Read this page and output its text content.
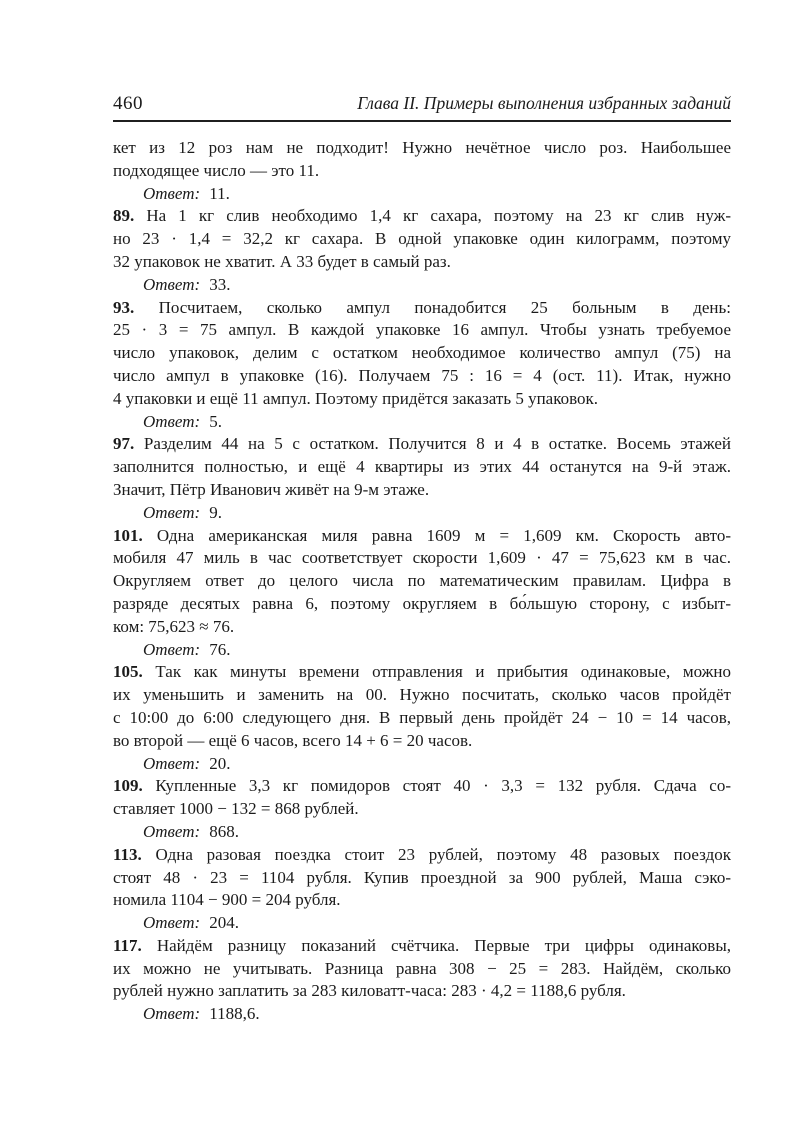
460	Глава II. Примеры выполнения избранных заданий
кет из 12 роз нам не подходит! Нужно нечётное число роз. Наибольшее
подходящее число — это 11.
Ответ: 11.
89. На 1 кг слив необходимо 1,4 кг сахара, поэтому на 23 кг слив нуж-
но 23 · 1,4 = 32,2 кг сахара. В одной упаковке один килограмм, поэтому
32 упаковок не хватит. А 33 будет в самый раз.
Ответ: 33.
93. Посчитаем, сколько ампул понадобится 25 больным в день:
25 · 3 = 75 ампул. В каждой упаковке 16 ампул. Чтобы узнать требуемое
число упаковок, делим с остатком необходимое количество ампул (75) на
число ампул в упаковке (16). Получаем 75 : 16 = 4 (ост. 11). Итак, нужно
4 упаковки и ещё 11 ампул. Поэтому придётся заказать 5 упаковок.
Ответ: 5.
97. Разделим 44 на 5 с остатком. Получится 8 и 4 в остатке. Восемь этажей
заполнится полностью, и ещё 4 квартиры из этих 44 останутся на 9-й этаж.
Значит, Пётр Иванович живёт на 9-м этаже.
Ответ: 9.
101. Одна американская миля равна 1609 м = 1,609 км. Скорость авто-
мобиля 47 миль в час соответствует скорости 1,609 · 47 = 75,623 км в час.
Округляем ответ до целого числа по математическим правилам. Цифра в
разряде десятых равна 6, поэтому округляем в бо́льшую сторону, с избыт-
ком: 75,623 ≈ 76.
Ответ: 76.
105. Так как минуты времени отправления и прибытия одинаковые, можно
их уменьшить и заменить на 00. Нужно посчитать, сколько часов пройдёт
с 10:00 до 6:00 следующего дня. В первый день пройдёт 24 − 10 = 14 часов,
во второй — ещё 6 часов, всего 14 + 6 = 20 часов.
Ответ: 20.
109. Купленные 3,3 кг помидоров стоят 40 · 3,3 = 132 рубля. Сдача со-
ставляет 1000 − 132 = 868 рублей.
Ответ: 868.
113. Одна разовая поездка стоит 23 рублей, поэтому 48 разовых поездок
стоят 48 · 23 = 1104 рубля. Купив проездной за 900 рублей, Маша сэко-
номила 1104 − 900 = 204 рубля.
Ответ: 204.
117. Найдём разницу показаний счётчика. Первые три цифры одинаковы,
их можно не учитывать. Разница равна 308 − 25 = 283. Найдём, сколько
рублей нужно заплатить за 283 киловатт-часа: 283 · 4,2 = 1188,6 рубля.
Ответ: 1188,6.
